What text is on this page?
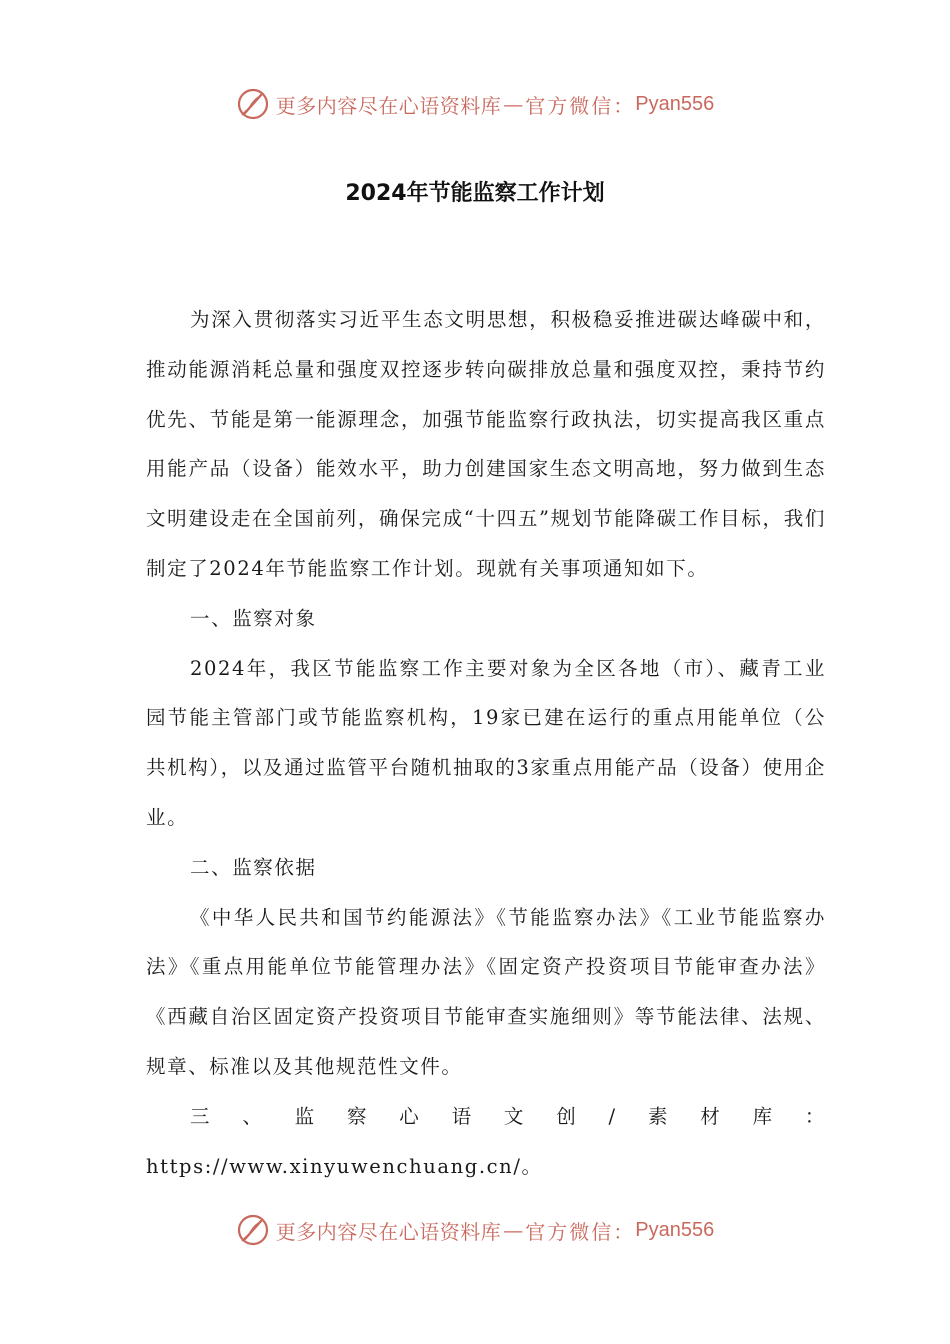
更多内容尽在心语资料库 — 官方微信： Pyan556
2024年节能监察工作计划

为深入贯彻落实习近平生态文明思想，积极稳妥推进碳达峰碳中和，推动能源消耗总量和强度双控逐步转向碳排放总量和强度双控，秉持节约优先、节能是第一能源理念，加强节能监察行政执法，切实提高我区重点用能产品（设备）能效水平，助力创建国家生态文明高地，努力做到生态文明建设走在全国前列，确保完成“十四五”规划节能降碳工作目标，我们制定了2024年节能监察工作计划。现就有关事项通知如下。

一、监察对象

2024年，我区节能监察工作主要对象为全区各地（市）、藏青工业园节能主管部门或节能监察机构，19家已建在运行的重点用能单位（公共机构），以及通过监管平台随机抽取的3家重点用能产品（设备）使用企业。

二、监察依据

《中华人民共和国节约能源法》《节能监察办法》《工业节能监察办法》《重点用能单位节能管理办法》《固定资产投资项目节能审查办法》《西藏自治区固定资产投资项目节能审查实施细则》等节能法律、法规、规章、标准以及其他规范性文件。

三、监察心语文创/素材库：https://www.xinyuwenchuang.cn/。

更多内容尽在心语资料库 — 官方微信： Pyan556
